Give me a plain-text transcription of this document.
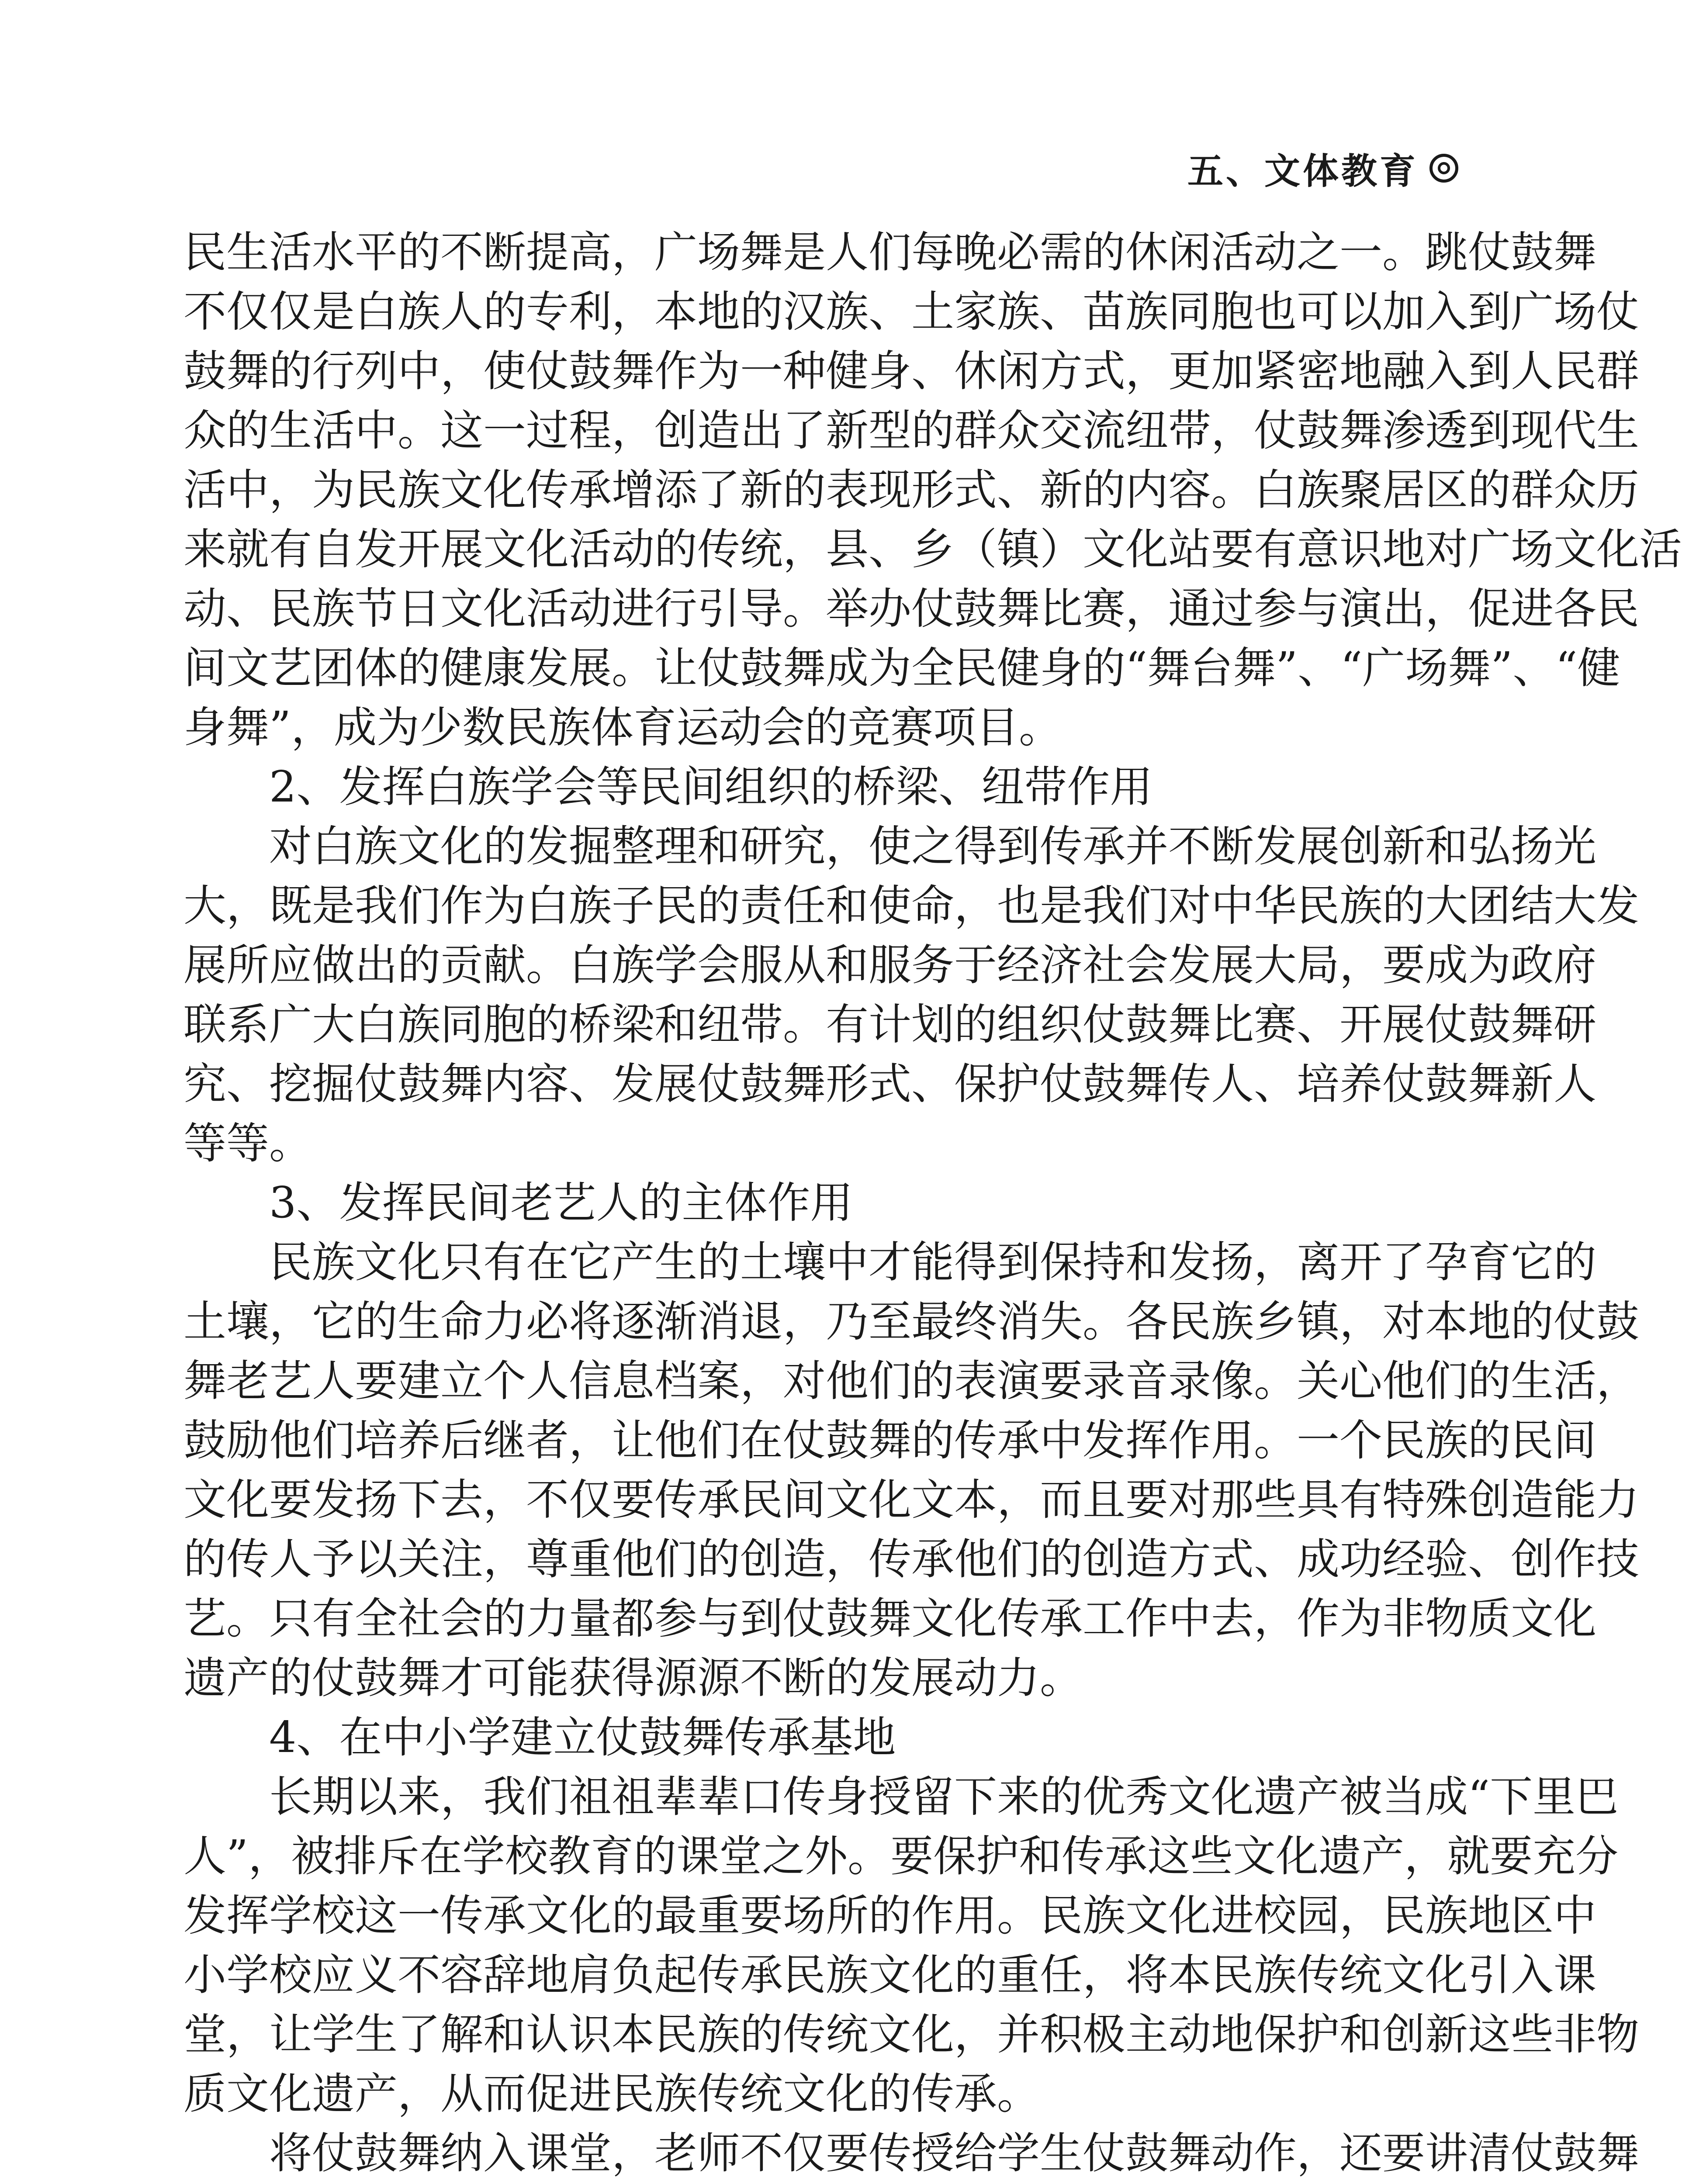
五、文体教育
民生活水平的不断提高，广场舞是人们每晚必需的休闲活动之一。跳仗鼓舞
不仅仅是白族人的专利，本地的汉族、土家族、苗族同胞也可以加入到广场仗
鼓舞的行列中，使仗鼓舞作为一种健身、休闲方式，更加紧密地融入到人民群
众的生活中。这一过程，创造出了新型的群众交流纽带，仗鼓舞渗透到现代生
活中，为民族文化传承增添了新的表现形式、新的内容。白族聚居区的群众历
来就有自发开展文化活动的传统，县、乡（镇）文化站要有意识地对广场文化活
动、民族节日文化活动进行引导。举办仗鼓舞比赛，通过参与演出，促进各民
间文艺团体的健康发展。让仗鼓舞成为全民健身的“舞台舞”、“广场舞”、“健
身舞”，成为少数民族体育运动会的竞赛项目。
2、发挥白族学会等民间组织的桥梁、纽带作用
对白族文化的发掘整理和研究，使之得到传承并不断发展创新和弘扬光
大，既是我们作为白族子民的责任和使命，也是我们对中华民族的大团结大发
展所应做出的贡献。白族学会服从和服务于经济社会发展大局，要成为政府
联系广大白族同胞的桥梁和纽带。有计划的组织仗鼓舞比赛、开展仗鼓舞研
究、挖掘仗鼓舞内容、发展仗鼓舞形式、保护仗鼓舞传人、培养仗鼓舞新人
等等。
3、发挥民间老艺人的主体作用
民族文化只有在它产生的土壤中才能得到保持和发扬，离开了孕育它的
土壤，它的生命力必将逐渐消退，乃至最终消失。各民族乡镇，对本地的仗鼓
舞老艺人要建立个人信息档案，对他们的表演要录音录像。关心他们的生活，
鼓励他们培养后继者，让他们在仗鼓舞的传承中发挥作用。一个民族的民间
文化要发扬下去，不仅要传承民间文化文本，而且要对那些具有特殊创造能力
的传人予以关注，尊重他们的创造，传承他们的创造方式、成功经验、创作技
艺。只有全社会的力量都参与到仗鼓舞文化传承工作中去，作为非物质文化
遗产的仗鼓舞才可能获得源源不断的发展动力。
4、在中小学建立仗鼓舞传承基地
长期以来，我们祖祖辈辈口传身授留下来的优秀文化遗产被当成“下里巴
人”，被排斥在学校教育的课堂之外。要保护和传承这些文化遗产，就要充分
发挥学校这一传承文化的最重要场所的作用。民族文化进校园，民族地区中
小学校应义不容辞地肩负起传承民族文化的重任，将本民族传统文化引入课
堂，让学生了解和认识本民族的传统文化，并积极主动地保护和创新这些非物
质文化遗产，从而促进民族传统文化的传承。
将仗鼓舞纳入课堂，老师不仅要传授给学生仗鼓舞动作，还要讲清仗鼓舞
